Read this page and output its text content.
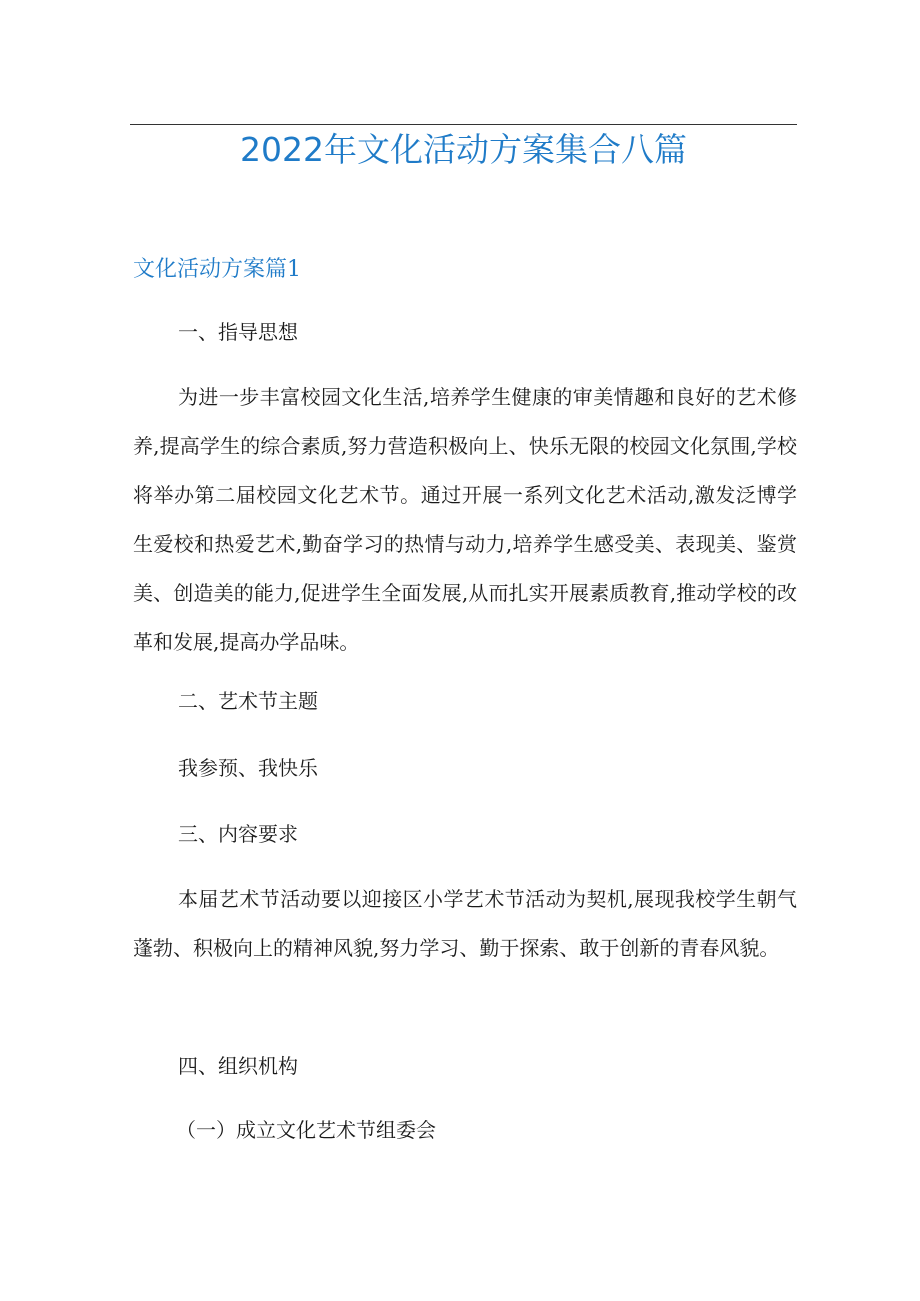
2022年文化活动方案集合八篇
文化活动方案篇1
一、指导思想

为进一步丰富校园文化生活,培养学生健康的审美情趣和良好的艺术修养,提高学生的综合素质,努力营造积极向上、快乐无限的校园文化氛围,学校将举办第二届校园文化艺术节。通过开展一系列文化艺术活动,激发泛博学生爱校和热爱艺术,勤奋学习的热情与动力,培养学生感受美、表现美、鉴赏美、创造美的能力,促进学生全面发展,从而扎实开展素质教育,推动学校的改革和发展,提高办学品味。

二、艺术节主题
我参预、我快乐
三、内容要求

本届艺术节活动要以迎接区小学艺术节活动为契机,展现我校学生朝气蓬勃、积极向上的精神风貌,努力学习、勤于探索、敢于创新的青春风貌。

四、组织机构
（一）成立文化艺术节组委会
